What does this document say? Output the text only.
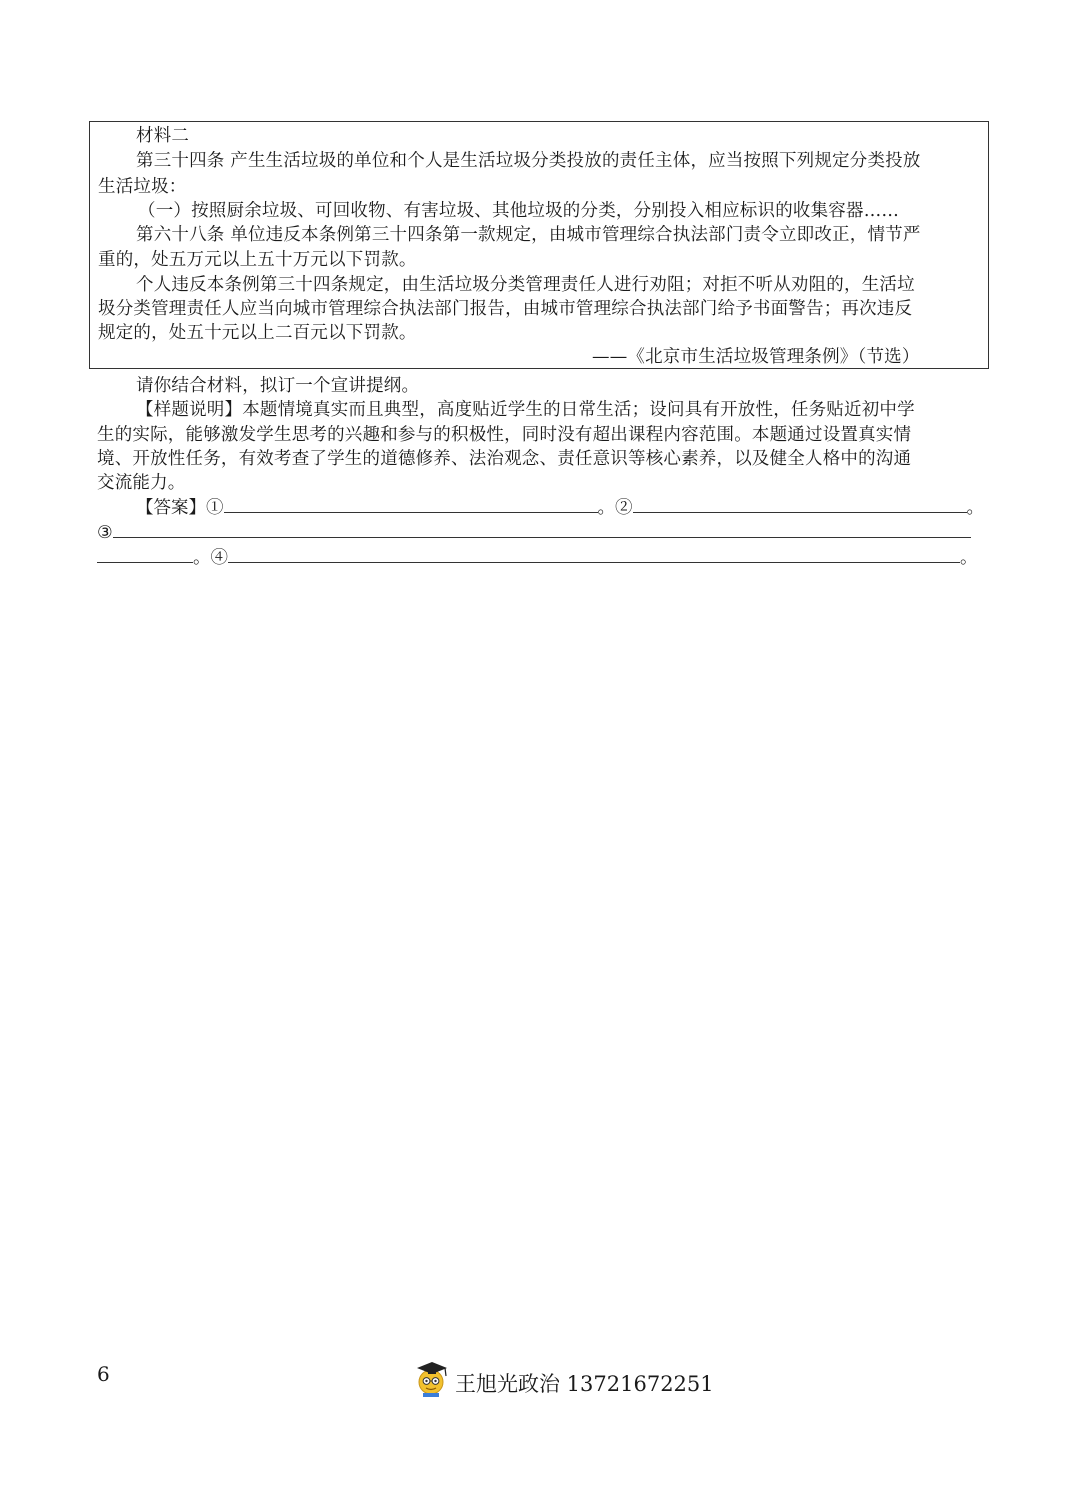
材料二
第三十四条 产生生活垃圾的单位和个人是生活垃圾分类投放的责任主体，应当按照下列规定分类投放
生活垃圾：
（一）按照厨余垃圾、可回收物、有害垃圾、其他垃圾的分类，分别投入相应标识的收集容器……
第六十八条 单位违反本条例第三十四条第一款规定，由城市管理综合执法部门责令立即改正，情节严
重的，处五万元以上五十万元以下罚款。
个人违反本条例第三十四条规定，由生活垃圾分类管理责任人进行劝阻；对拒不听从劝阻的，生活垃
圾分类管理责任人应当向城市管理综合执法部门报告，由城市管理综合执法部门给予书面警告；再次违反
规定的，处五十元以上二百元以下罚款。
——《北京市生活垃圾管理条例》（节选）
请你结合材料，拟订一个宣讲提纲。
【样题说明】本题情境真实而且典型，高度贴近学生的日常生活；设问具有开放性，任务贴近初中学
生的实际，能够激发学生思考的兴趣和参与的积极性，同时没有超出课程内容范围。本题通过设置真实情
境、开放性任务，有效考查了学生的道德修养、法治观念、责任意识等核心素养，以及健全人格中的沟通
交流能力。
【答案】①	。②	。
③
。④	。
6	王旭光政治 13721672251
